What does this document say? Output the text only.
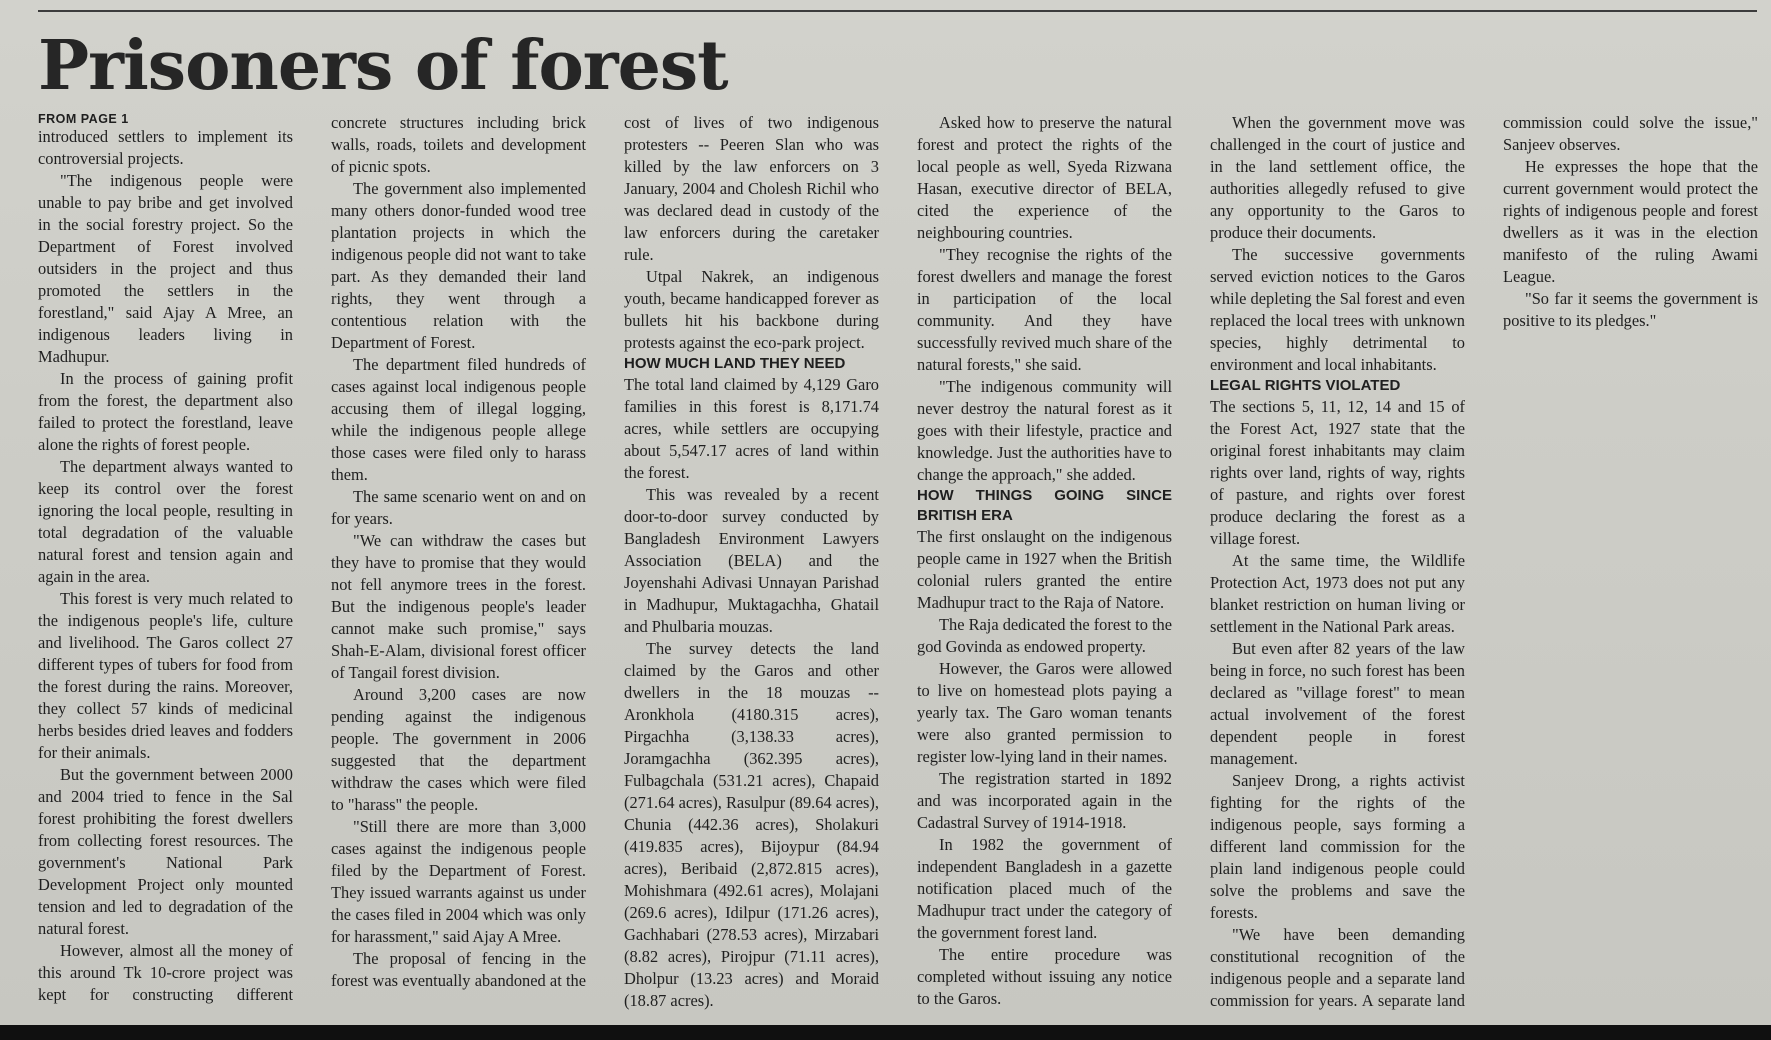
Prisoners of forest
FROM PAGE 1

introduced settlers to implement its controversial projects.

"The indigenous people were unable to pay bribe and get involved in the social forestry project. So the Department of Forest involved outsiders in the project and thus promoted the settlers in the forestland," said Ajay A Mree, an indigenous leaders living in Madhupur.

In the process of gaining profit from the forest, the department also failed to protect the forestland, leave alone the rights of forest people.

The department always wanted to keep its control over the forest ignoring the local people, resulting in total degradation of the valuable natural forest and tension again and again in the area.

This forest is very much related to the indigenous people's life, culture and livelihood. The Garos collect 27 different types of tubers for food from the forest during the rains. Moreover, they collect 57 kinds of medicinal herbs besides dried leaves and fodders for their animals.

But the government between 2000 and 2004 tried to fence in the Sal forest prohibiting the forest dwellers from collecting forest resources. The government's National Park Development Project only mounted tension and led to degradation of the natural forest.

However, almost all the money of this around Tk 10-crore project was kept for constructing different concrete structures including brick walls, roads, toilets and development of picnic spots.

The government also implemented many others donor-funded wood tree plantation projects in which the indigenous people did not want to take part. As they demanded their land rights, they went through a contentious relation with the Department of Forest.

The department filed hundreds of cases against local indigenous people accusing them of illegal logging, while the indigenous people allege those cases were filed only to harass them.

The same scenario went on and on for years.

"We can withdraw the cases but they have to promise that they would not fell anymore trees in the forest. But the indigenous people's leader cannot make such promise," says Shah-E-Alam, divisional forest officer of Tangail forest division.

Around 3,200 cases are now pending against the indigenous people. The government in 2006 suggested that the department withdraw the cases which were filed to "harass" the people.

"Still there are more than 3,000 cases against the indigenous people filed by the Department of Forest. They issued warrants against us under the cases filed in 2004 which was only for harassment," said Ajay A Mree.

The proposal of fencing in the forest was eventually abandoned at the cost of lives of two indigenous protesters -- Peeren Slan who was killed by the law enforcers on 3 January, 2004 and Cholesh Richil who was declared dead in custody of the law enforcers during the caretaker rule.

Utpal Nakrek, an indigenous youth, became handicapped forever as bullets hit his backbone during protests against the eco-park project.

HOW MUCH LAND THEY NEED

The total land claimed by 4,129 Garo families in this forest is 8,171.74 acres, while settlers are occupying about 5,547.17 acres of land within the forest.

This was revealed by a recent door-to-door survey conducted by Bangladesh Environment Lawyers Association (BELA) and the Joyenshahi Adivasi Unnayan Parishad in Madhupur, Muktagachha, Ghatail and Phulbaria mouzas.

The survey detects the land claimed by the Garos and other dwellers in the 18 mouzas -- Aronkhola (4180.315 acres), Pirgachha (3,138.33 acres), Joramgachha (362.395 acres), Fulbagchala (531.21 acres), Chapaid (271.64 acres), Rasulpur (89.64 acres), Chunia (442.36 acres), Sholakuri (419.835 acres), Bijoypur (84.94 acres), Beribaid (2,872.815 acres), Mohishmara (492.61 acres), Molajani (269.6 acres), Idilpur (171.26 acres), Gachhabari (278.53 acres), Mirzabari (8.82 acres), Pirojpur (71.11 acres), Dholpur (13.23 acres) and Moraid (18.87 acres).

Asked how to preserve the natural forest and protect the rights of the local people as well, Syeda Rizwana Hasan, executive director of BELA, cited the experience of the neighbouring countries.

"They recognise the rights of the forest dwellers and manage the forest in participation of the local community. And they have successfully revived much share of the natural forests," she said.

"The indigenous community will never destroy the natural forest as it goes with their lifestyle, practice and knowledge. Just the authorities have to change the approach," she added.

HOW THINGS GOING SINCE BRITISH ERA

The first onslaught on the indigenous people came in 1927 when the British colonial rulers granted the entire Madhupur tract to the Raja of Natore.

The Raja dedicated the forest to the god Govinda as endowed property.

However, the Garos were allowed to live on homestead plots paying a yearly tax. The Garo woman tenants were also granted permission to register low-lying land in their names.

The registration started in 1892 and was incorporated again in the Cadastral Survey of 1914-1918.

In 1982 the government of independent Bangladesh in a gazette notification placed much of the Madhupur tract under the category of the government forest land.

The entire procedure was completed without issuing any notice to the Garos.

When the government move was challenged in the court of justice and in the land settlement office, the authorities allegedly refused to give any opportunity to the Garos to produce their documents.

The successive governments served eviction notices to the Garos while depleting the Sal forest and even replaced the local trees with unknown species, highly detrimental to environment and local inhabitants.

LEGAL RIGHTS VIOLATED

The sections 5, 11, 12, 14 and 15 of the Forest Act, 1927 state that the original forest inhabitants may claim rights over land, rights of way, rights of pasture, and rights over forest produce declaring the forest as a village forest.

At the same time, the Wildlife Protection Act, 1973 does not put any blanket restriction on human living or settlement in the National Park areas.

But even after 82 years of the law being in force, no such forest has been declared as "village forest" to mean actual involvement of the forest dependent people in forest management.

Sanjeev Drong, a rights activist fighting for the rights of the indigenous people, says forming a different land commission for the plain land indigenous people could solve the problems and save the forests.

"We have been demanding constitutional recognition of the indigenous people and a separate land commission for years. A separate land commission could solve the issue," Sanjeev observes.

He expresses the hope that the current government would protect the rights of indigenous people and forest dwellers as it was in the election manifesto of the ruling Awami League.

"So far it seems the government is positive to its pledges."
